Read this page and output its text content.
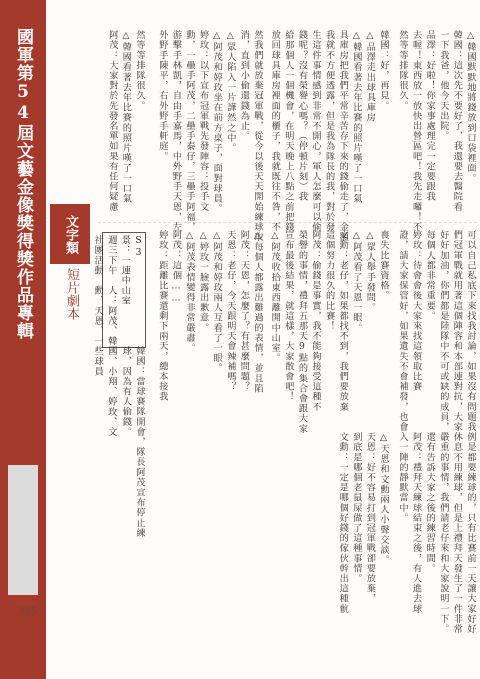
國軍第54屆文藝金像獎得獎作品專輯
335
文字類
短片劇本
△韓國默默地將錢放到口袋裡面。
韓國：這次先不要好了，我還要去醫院看
一下我爸，他今天出院。
品澤：好啦！你家事處理完一定要跟我
去喔！東西放一放快出營區吧！我先走囉！不
然等等排隊很久。
韓國：好，再見。
△品澤走出球具庫房
△韓國看著去年比賽的照片嘆了一口氣
具庫房把我們平常辛苦存下來的錢偷走了，金額
我就不方便透露，但是我為隊長的我，對於發
生這件事情感到非常不開心，軍人怎麼可以偷
錢呢？沒有榮譽心嗎？（停頓片刻）我
給那個人一個機會，在明天晚上八點之前把錢
放回球具庫房裡面的櫃子，我就既往不咎，不
然我們就放棄冠軍戰，從今以後天天開始練球取
消，直到小偷還錢為止。
△眾人陷入一片譁然之中。
△阿茂和婷玫坐在前方桌子，面對球員。
婷玫：以下宣布冠軍戰先發陣容：投手文
勳，一壘手阿茂，二壘手泰仔，三壘手阿福，
游擊手林凱，自由手嘉馬，中外野手天恩，左
外野手陳平，右外野手軒庭。
然等等排隊很久。
△韓國看著去年比賽的照片嘆了一口氣
阿茂：大家對於先發名單如果有任何疑慮
可以自己私底下來找我討論，如果沒有問題我
們冠軍戰就用著這個陣容和本部連對抗，大家
好好加油，你們都是陸隊中不可或缺的成員，
每個人都非常重要。
婷玫：待會會後大家來找這領取比賽
證，請大家保管好，如果遺失不會補發，也會
喪失比賽資格。
△眾人舉手發問。
△阿茂看了天恩一眼。
文勳：老仔，如果都找不到，我們要放棄
這個努力很久的比賽！
阿茂：偷錢是事實，我不能夠接受這種不
榮譽的事情，禮拜五那天9點的集合會跟大家
宣布最後結果，就這樣，大家散會吧！
△阿茂收拾東西離開中山室。
△每個人都露出難過的表情，並且陷
阿茂：天恩，怎麼了？有甚麼問題？
天恩：老仔，今天跟明天會辣補嗎？
△阿茂和婷玫兩人互看了一眼。
△婷玫一臉露出歉意。
△阿茂表情變得非常嚴肅。
阿茂：這個……
婷玫：距離比賽還剩下兩天，總本接我
S3
景：一連中山室
週三下午　人：阿茂、韓國、小翔、婷玫、文
社團活動　勳、天恩、一些球員
韓國：當球賽隊開會，隊長阿茂宣布停止練
球，因為有人偷錢。
例是都要練球的，只有比賽前一天讓大家好好
休息不用練球，但是上禮拜天發生了一件非常
嚴重的事情，我們請老仔來和大家說明一下。
還有告訴大家之後的練習時間。
阿茂：禮拜天練球結束之後，有人進去球
入一陣的靜默當中。
△天恩和文勳兩人小聲交談。
天恩：好不容易打到冠軍戰卻要放棄，
到底是哪個老鼠屎做了這種事情。
文勳：一定是哪個好錢的傢伙幹出這種骯
